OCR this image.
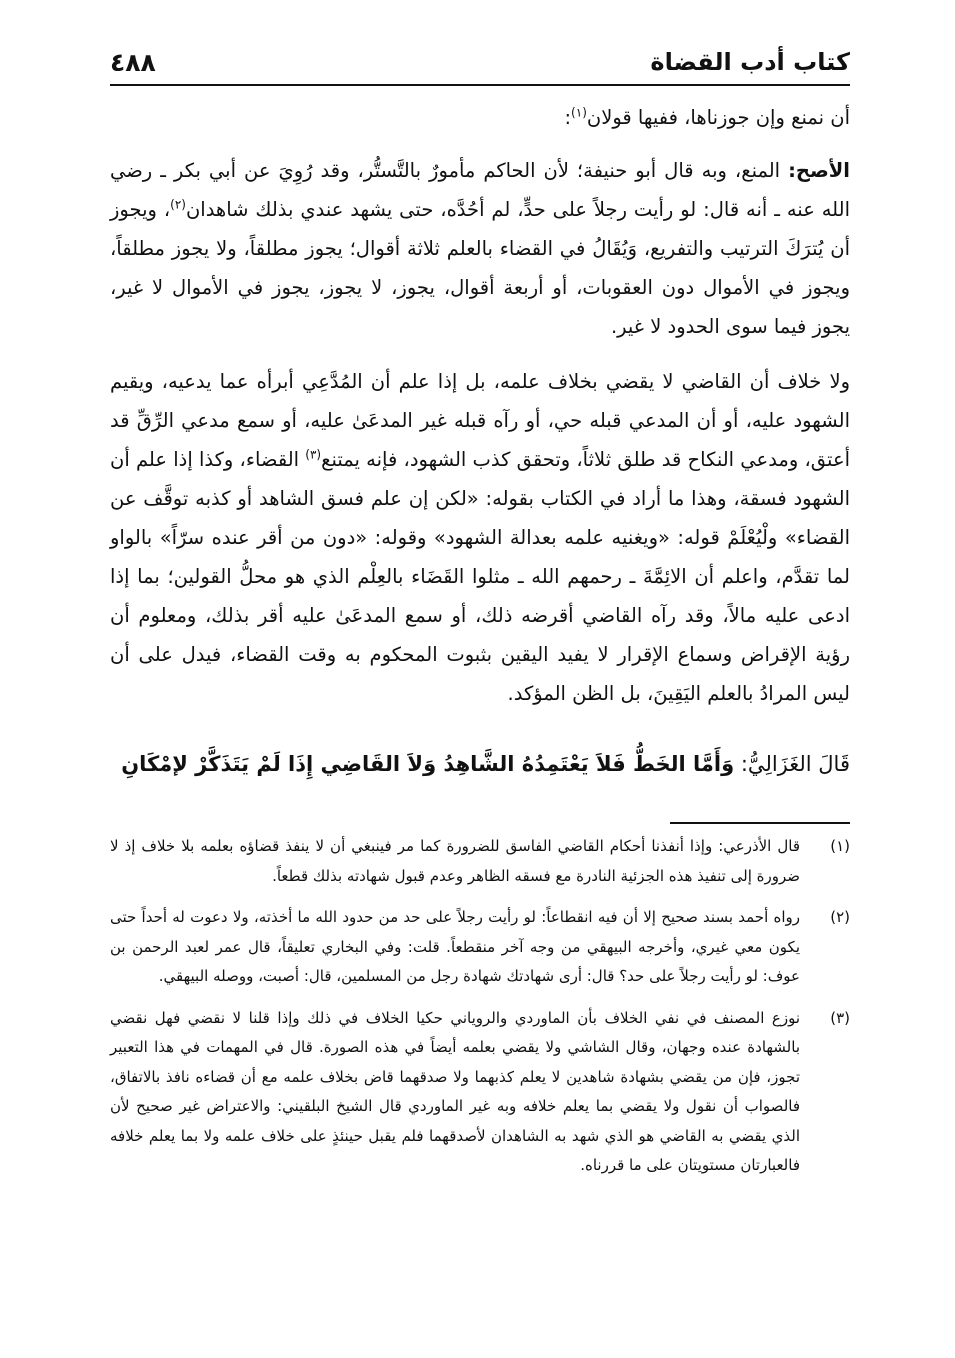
كتاب أدب القضاة
٤٨٨

أن نمنع وإن جوزناها، ففيها قولان$^{(١)}$:

الأصح: المنع، وبه قال أبو حنيفة؛ لأن الحاكم مأمورٌ بالتَّستُّر، وقد رُوِيَ عن أبي بكر ـ رضي الله عنه ـ أنه قال: لو رأيت رجلاً على حدٍّ، لم أحُدَّه، حتى يشهد عندي بذلك شاهدان$^{(٢)}$، ويجوز أن يُترَكَ الترتيب والتفريع، وَيُقَالُ في القضاء بالعلم ثلاثة أقوال؛ يجوز مطلقاً، ولا يجوز مطلقاً، ويجوز في الأموال دون العقوبات، أو أربعة أقوال، يجوز، لا يجوز، يجوز في الأموال لا غير، يجوز فيما سوى الحدود لا غير.

ولا خلاف أن القاضي لا يقضي بخلاف علمه، بل إذا علم أن المُدَّعِي أبرأه عما يدعيه، ويقيم الشهود عليه، أو أن المدعي قبله حي، أو رآه قبله غير المدعَىٰ عليه، أو سمع مدعي الرِّقِّ قد أعتق، ومدعي النكاح قد طلق ثلاثاً، وتحقق كذب الشهود، فإنه يمتنع$^{(٣)}$ القضاء، وكذا إذا علم أن الشهود فسقة، وهذا ما أراد في الكتاب بقوله: «لكن إن علم فسق الشاهد أو كذبه توقَّف عن القضاء» ولْيُعْلَمْ قوله: «ويغنيه علمه بعدالة الشهود» وقوله: «دون من أقر عنده سرّاً» بالواو لما تقدَّم، واعلم أن الائِمَّةَ ـ رحمهم الله ـ مثلوا القَضَاء بالعِلْم الذي هو محلُّ القولين؛ بما إذا ادعى عليه مالاً، وقد رآه القاضي أقرضه ذلك، أو سمع المدعَىٰ عليه أقر بذلك، ومعلوم أن رؤية الإقراض وسماع الإقرار لا يفيد اليقين بثبوت المحكوم به وقت القضاء، فيدل على أن ليس المرادُ بالعلم اليَقِينَ، بل الظن المؤكد.

قَالَ الغَزَالِيُّ: وَأَمَّا الخَطُّ فَلاَ يَعْتَمِدُهُ الشَّاهِدُ وَلاَ القَاضِي إِذَا لَمْ يَتَذَكَّرْ لإمْكَانِ
(١)
قال الأذرعي: وإذا أنفذنا أحكام القاضي الفاسق للضرورة كما مر فينبغي أن لا ينفذ قضاؤه بعلمه بلا خلاف إذ لا ضرورة إلى تنفيذ هذه الجزئية النادرة مع فسقه الظاهر وعدم قبول شهادته بذلك قطعاً.
(٢)
رواه أحمد بسند صحيح إلا أن فيه انقطاعاً: لو رأيت رجلاً على حد من حدود الله ما أخذته، ولا دعوت له أحداً حتى يكون معي غيري، وأخرجه البيهقي من وجه آخر منقطعاً. قلت: وفي البخاري تعليقاً، قال عمر لعبد الرحمن بن عوف: لو رأيت رجلاً على حد؟ قال: أرى شهادتك شهادة رجل من المسلمين، قال: أصبت، ووصله البيهقي.
(٣)
نوزع المصنف في نفي الخلاف بأن الماوردي والروياني حكيا الخلاف في ذلك وإذا قلنا لا نقضي فهل نقضي بالشهادة عنده وجهان، وقال الشاشي ولا يقضي بعلمه أيضاً في هذه الصورة. قال في المهمات في هذا التعبير تجوز، فإن من يقضي بشهادة شاهدين لا يعلم كذبهما ولا صدقهما قاض بخلاف علمه مع أن قضاءه نافذ بالاتفاق، فالصواب أن نقول ولا يقضي بما يعلم خلافه وبه غير الماوردي قال الشيخ البلقيني: والاعتراض غير صحيح لأن الذي يقضي به القاضي هو الذي شهد به الشاهدان لأصدقهما فلم يقبل حينئذٍ على خلاف علمه ولا بما يعلم خلافه فالعبارتان مستويتان على ما قررناه.
